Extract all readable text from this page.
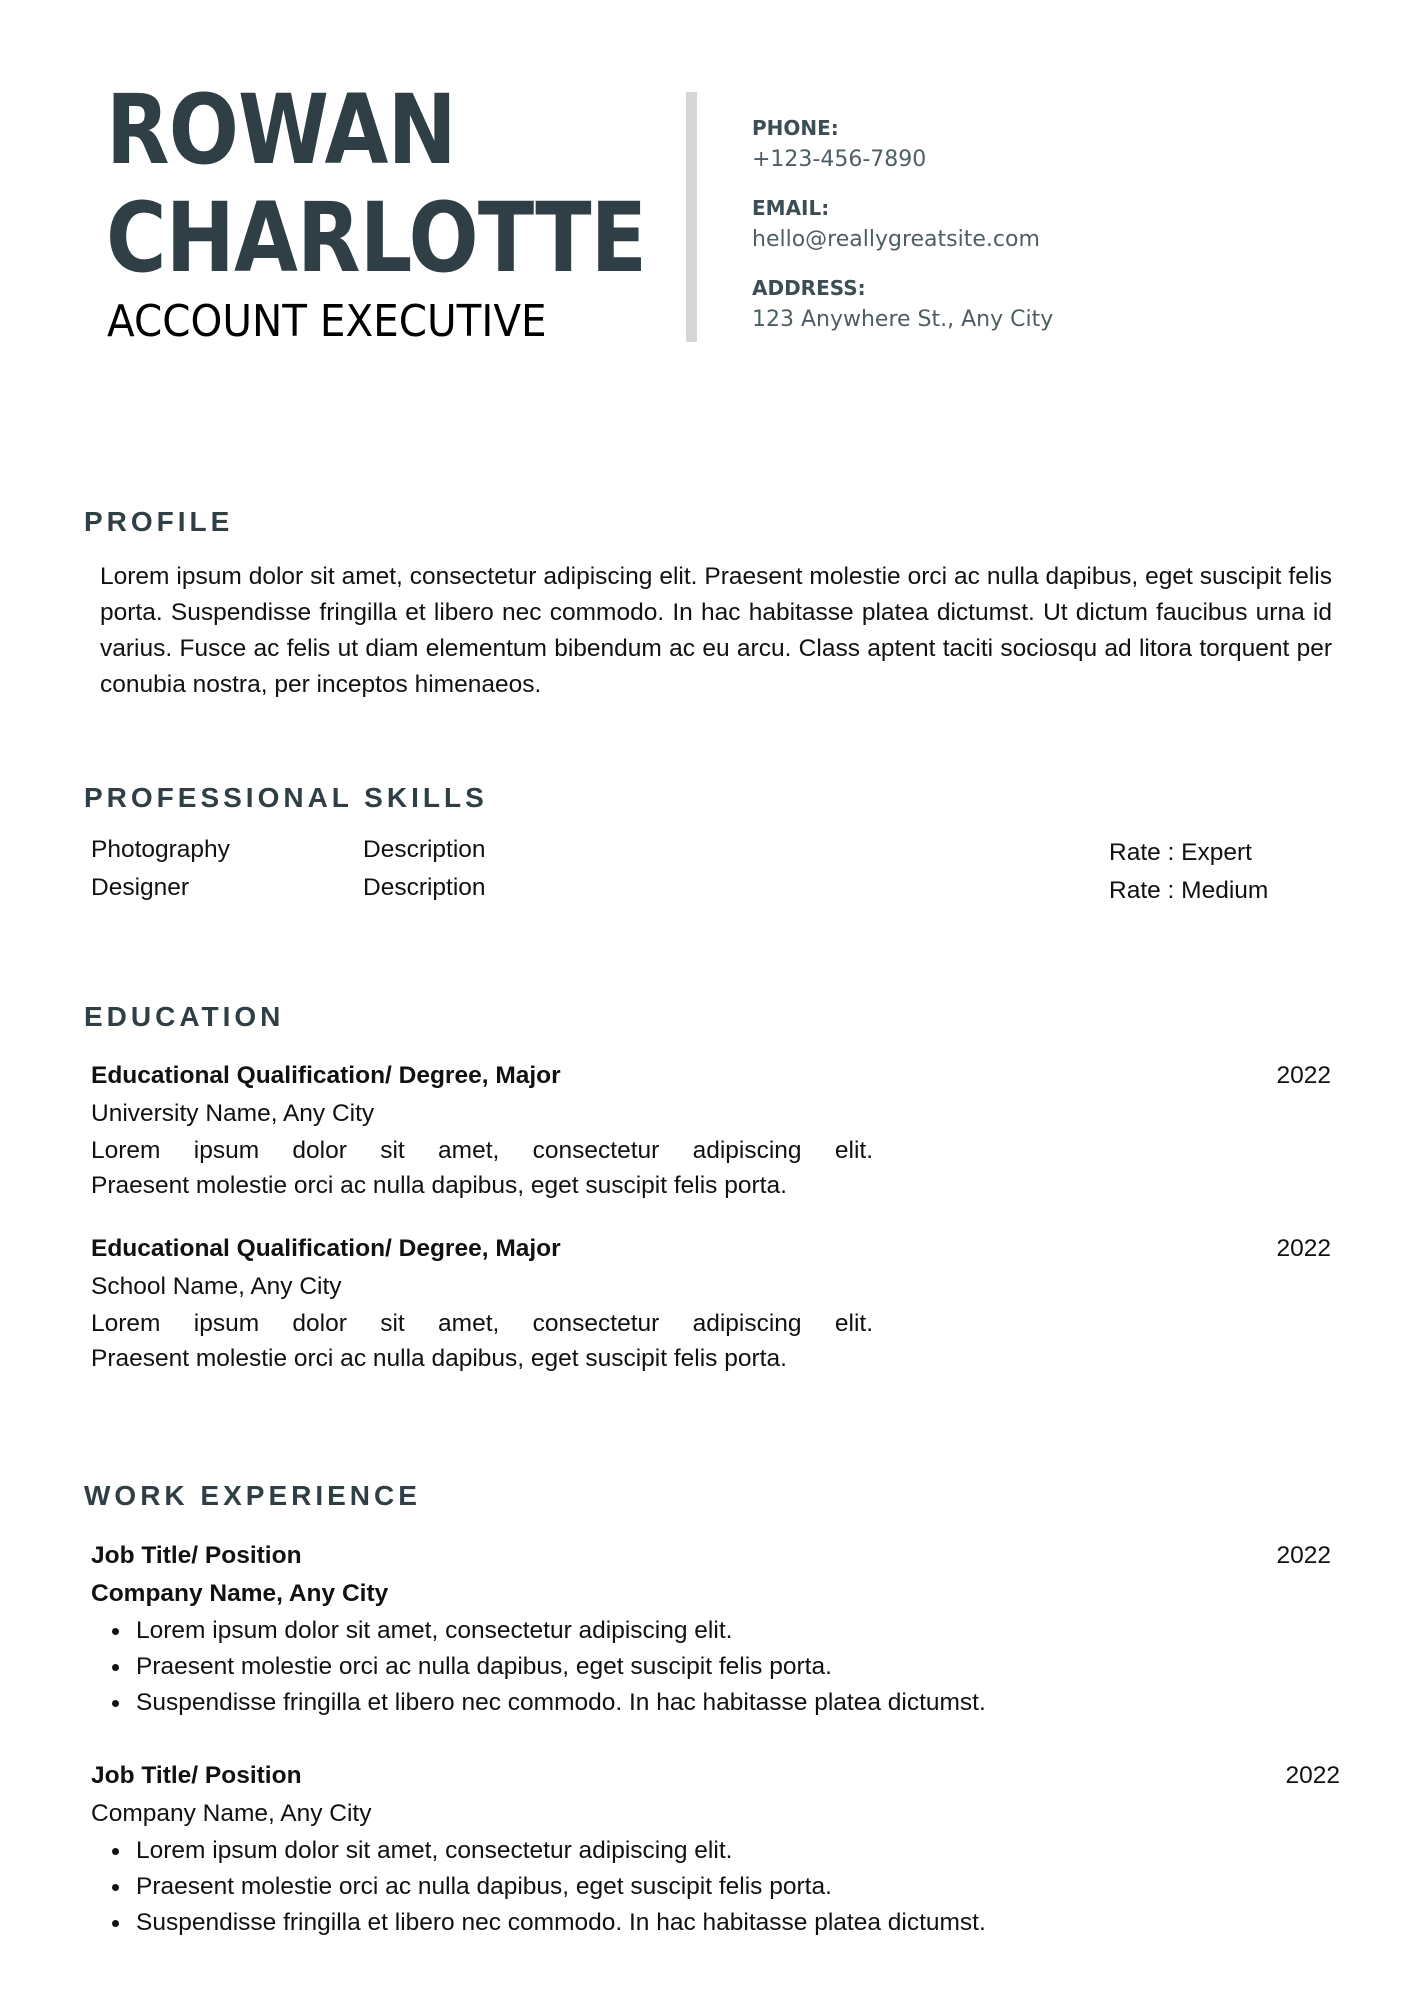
ROWAN
CHARLOTTE
ACCOUNT EXECUTIVE
PHONE:
+123-456-7890
EMAIL:
hello@reallygreatsite.com
ADDRESS:
123 Anywhere St., Any City
PROFILE
Lorem ipsum dolor sit amet, consectetur adipiscing elit. Praesent molestie orci ac nulla dapibus, eget suscipit felis porta. Suspendisse fringilla et libero nec commodo. In hac habitasse platea dictumst. Ut dictum faucibus urna id varius. Fusce ac felis ut diam elementum bibendum ac eu arcu. Class aptent taciti sociosqu ad litora torquent per conubia nostra, per inceptos himenaeos.
PROFESSIONAL SKILLS
Photography	Description	Rate : Expert
Designer	Description	Rate : Medium
EDUCATION
Educational Qualification/ Degree, Major	2022
University Name, Any City
Lorem ipsum dolor sit amet, consectetur adipiscing elit.
Praesent molestie orci ac nulla dapibus, eget suscipit felis porta.
Educational Qualification/ Degree, Major	2022
School Name, Any City
Lorem ipsum dolor sit amet, consectetur adipiscing elit.
Praesent molestie orci ac nulla dapibus, eget suscipit felis porta.
WORK EXPERIENCE
Job Title/ Position	2022
Company Name, Any City
Lorem ipsum dolor sit amet, consectetur adipiscing elit.
Praesent molestie orci ac nulla dapibus, eget suscipit felis porta.
Suspendisse fringilla et libero nec commodo. In hac habitasse platea dictumst.
Job Title/ Position	2022
Company Name, Any City
Lorem ipsum dolor sit amet, consectetur adipiscing elit.
Praesent molestie orci ac nulla dapibus, eget suscipit felis porta.
Suspendisse fringilla et libero nec commodo. In hac habitasse platea dictumst.
